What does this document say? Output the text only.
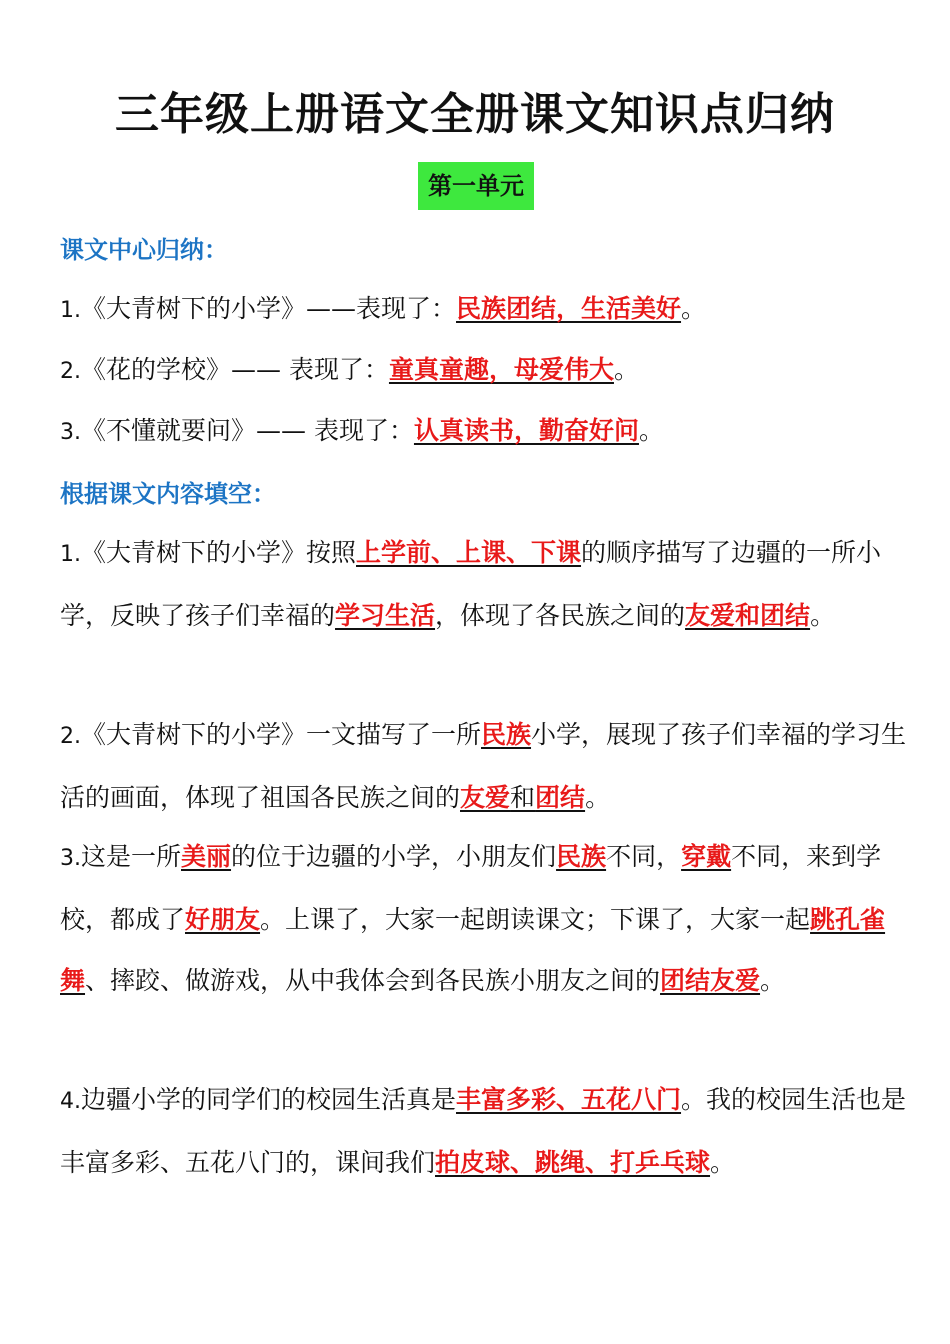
三年级上册语文全册课文知识点归纳
第一单元
课文中心归纳：

1.《大青树下的小学》——表现了：民族团结，生活美好。

2.《花的学校》—— 表现了：童真童趣，母爱伟大。

3.《不懂就要问》—— 表现了：认真读书，勤奋好问。

根据课文内容填空：

1.《大青树下的小学》按照上学前、上课、下课的顺序描写了边疆的一所小学，反映了孩子们幸福的学习生活，体现了各民族之间的友爱和团结。

2.《大青树下的小学》一文描写了一所民族小学，展现了孩子们幸福的学习生活的画面，体现了祖国各民族之间的友爱和团结。

3.这是一所美丽的位于边疆的小学，小朋友们民族不同，穿戴不同，来到学校，都成了好朋友。上课了，大家一起朗读课文；下课了，大家一起跳孔雀舞、摔跤、做游戏，从中我体会到各民族小朋友之间的团结友爱。

4.边疆小学的同学们的校园生活真是丰富多彩、五花八门。我的校园生活也是丰富多彩、五花八门的，课间我们拍皮球、跳绳、打乒乓球。
